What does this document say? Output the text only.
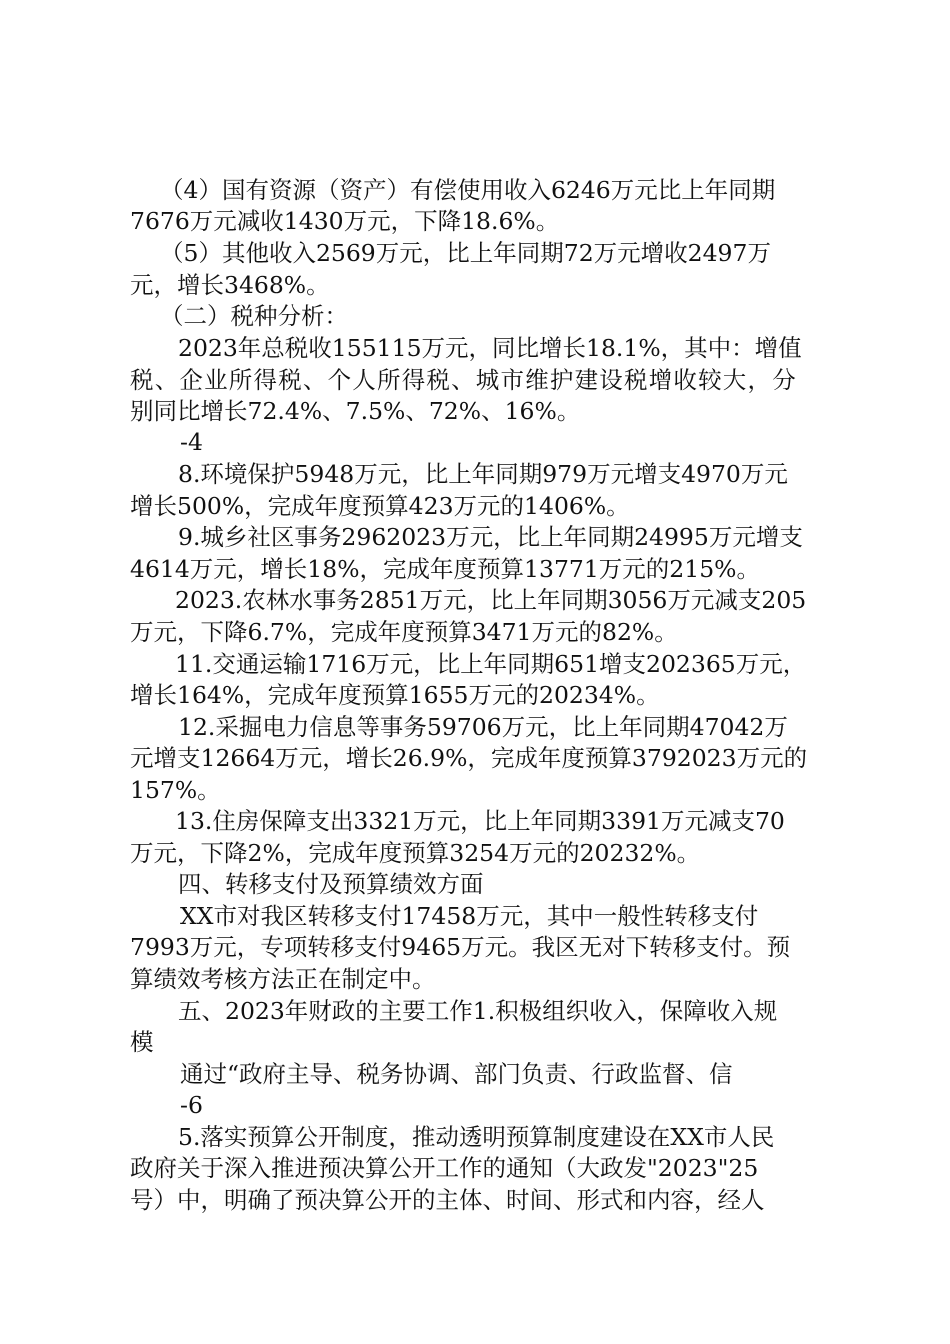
（4）国有资源（资产）有偿使用收入6246万元比上年同期
7676万元减收1430万元，下降18.6%。
（5）其他收入2569万元，比上年同期72万元增收2497万
元，增长3468%。
（二）税种分析：
2023年总税收155115万元，同比增长18.1%，其中：增值
税、企业所得税、个人所得税、城市维护建设税增收较大，分
别同比增长72.4%、7.5%、72%、16%。
-4
8.环境保护5948万元，比上年同期979万元增支4970万元
增长500%，完成年度预算423万元的1406%。
9.城乡社区事务2962023万元，比上年同期24995万元增支
4614万元，增长18%，完成年度预算13771万元的215%。
2023.农林水事务2851万元，比上年同期3056万元减支205
万元，下降6.7%，完成年度预算3471万元的82%。
11.交通运输1716万元，比上年同期651增支202365万元，
增长164%，完成年度预算1655万元的20234%。
12.采掘电力信息等事务59706万元，比上年同期47042万
元增支12664万元，增长26.9%，完成年度预算3792023万元的
157%。
13.住房保障支出3321万元，比上年同期3391万元减支70
万元，下降2%，完成年度预算3254万元的20232%。
四、转移支付及预算绩效方面
XX市对我区转移支付17458万元，其中一般性转移支付
7993万元，专项转移支付9465万元。我区无对下转移支付。预
算绩效考核方法正在制定中。
五、2023年财政的主要工作1.积极组织收入，保障收入规
模
通过“政府主导、税务协调、部门负责、行政监督、信
-6
5.落实预算公开制度，推动透明预算制度建设在XX市人民
政府关于深入推进预决算公开工作的通知（大政发"2023"25
号）中，明确了预决算公开的主体、时间、形式和内容，经人
